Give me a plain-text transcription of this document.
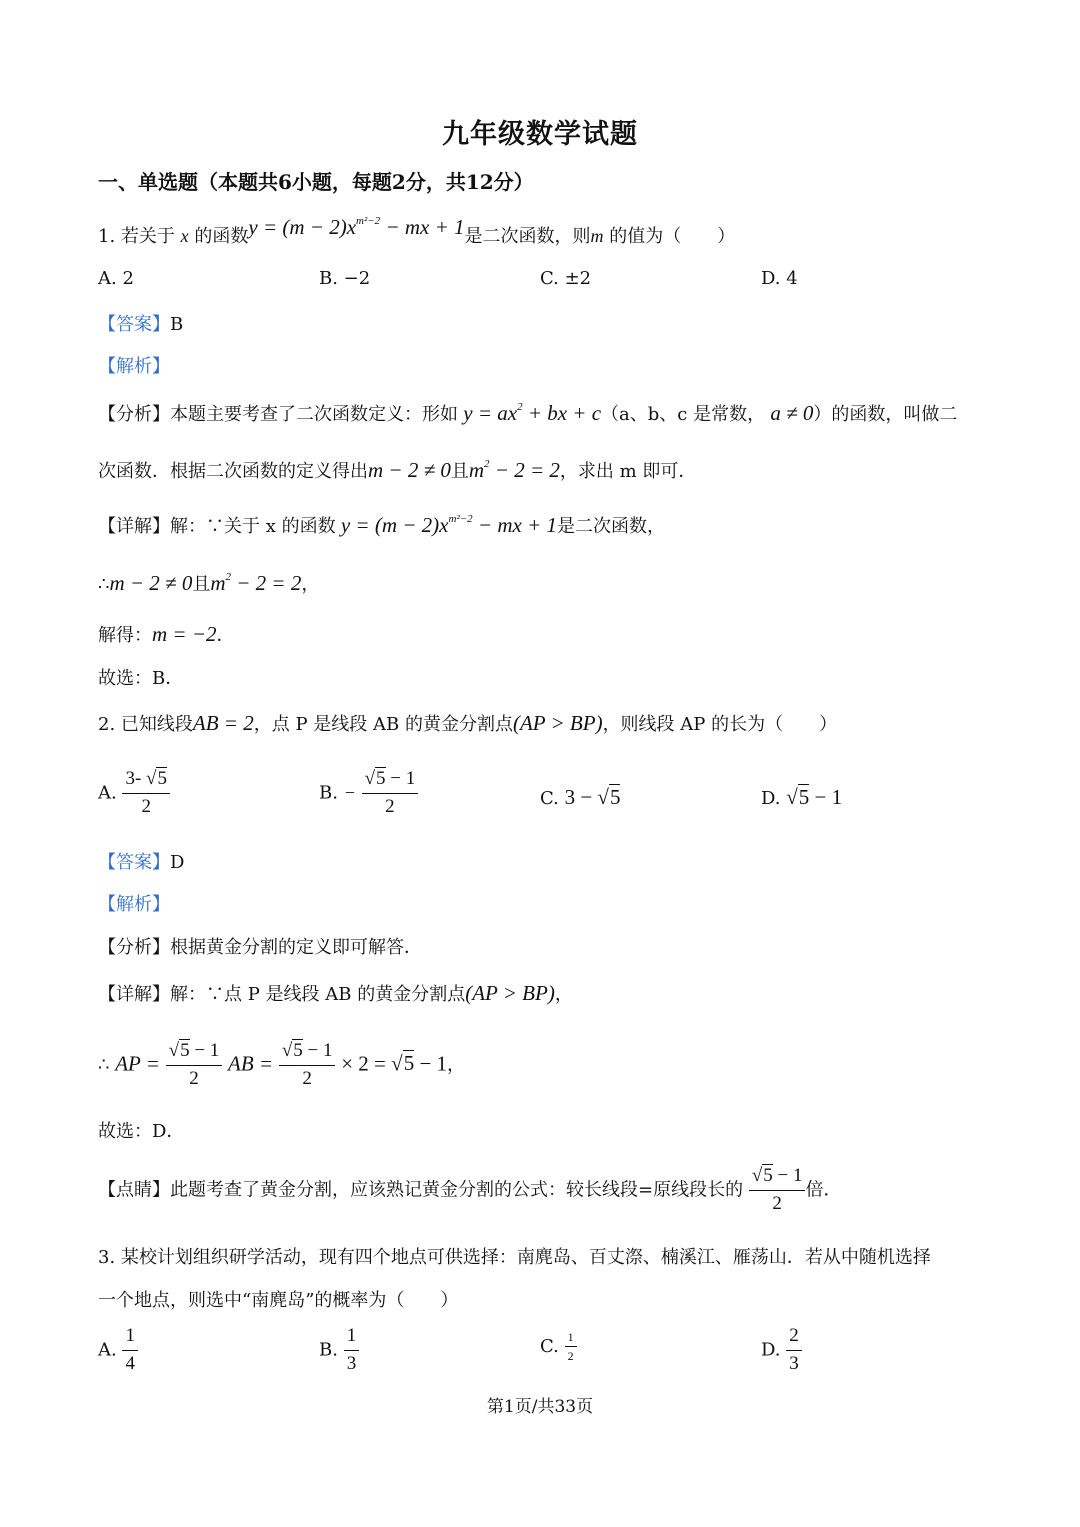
九年级数学试题
一、单选题（本题共6小题，每题2分，共12分）
1. 若关于 x 的函数$y = (m - 2)x^{m^2-2}$ − mx + 1是二次函数，则m 的值为（　　）
A. 2	B. −2	C. ±2	D. 4
【答案】B
【解析】
【分析】本题主要考查了二次函数定义：形如 $y = ax^2$ + bx + c（a、b、c 是常数， a ≠ 0）的函数，叫做二
次函数．根据二次函数的定义得出m − 2 ≠ 0且$m^2 - 2 = 2$，求出 m 即可．
【详解】解：∵关于 x 的函数 $y = (m - 2)x^{m^2-2}$ − mx + 1是二次函数，
∴m − 2 ≠ 0且$m^2 - 2 = 2$，
解得：m = −2．
故选：B．
2. 已知线段AB = 2，点 P 是线段 AB 的黄金分割点(AP > BP)，则线段 AP 的长为（　　）
A. $\frac{3- √5}{2}$	B. − $\frac{√5 - 1}{2}$	C. 3 − √5	D. √5 − 1
【答案】D
【解析】
【分析】根据黄金分割的定义即可解答．
【详解】解：∵点 P 是线段 AB 的黄金分割点(AP > BP)，
∴ AP = $\frac{√5 - 1}{2}$ AB = $\frac{√5 - 1}{2} \times 2 = √5 - 1$，
故选：D．
【点睛】此题考查了黄金分割，应该熟记黄金分割的公式：较长线段=原线段长的 $\frac{√5 - 1}{2}$ 倍．
3. 某校计划组织研学活动，现有四个地点可供选择：南麂岛、百丈漈、楠溪江、雁荡山．若从中随机选择
一个地点，则选中“南麂岛”的概率为（　　）
A. $\frac{1}{4}$	B. $\frac{1}{3}$	C. $\frac{1}{2}$	D. $\frac{2}{3}$
第1页/共33页
